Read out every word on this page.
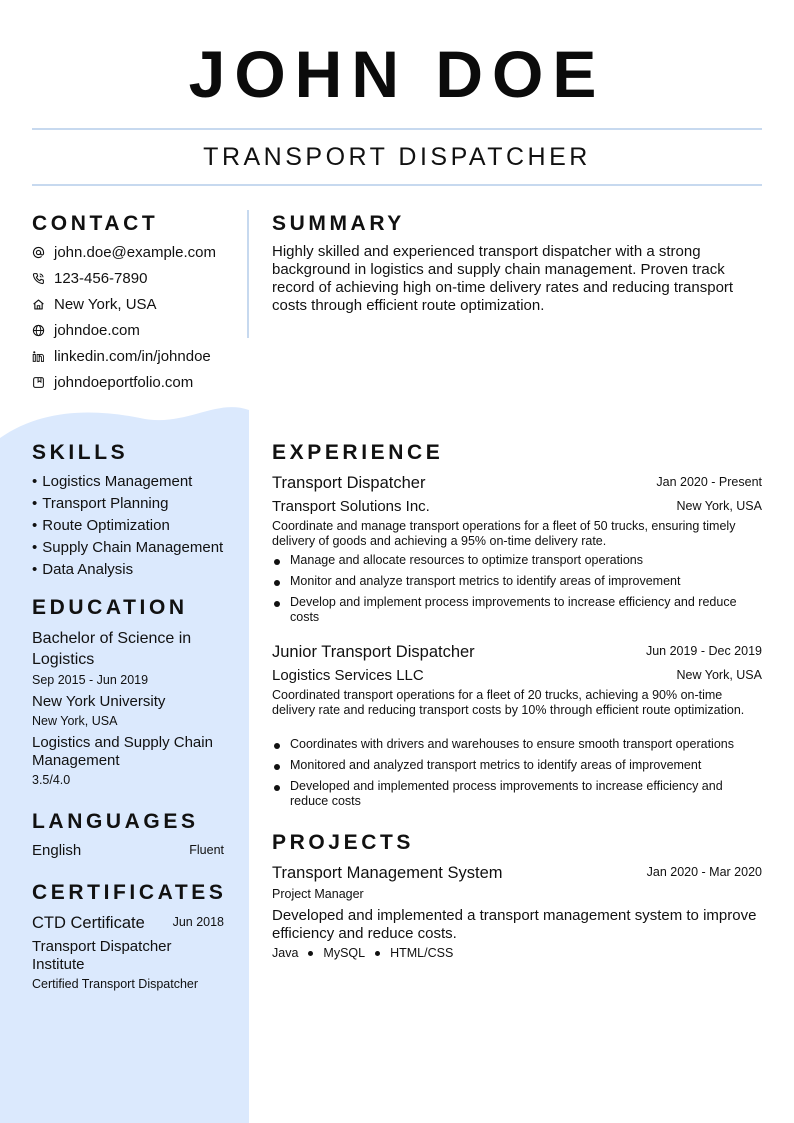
JOHN DOE
TRANSPORT DISPATCHER
CONTACT
john.doe@example.com
123-456-7890
New York, USA
johndoe.com
linkedin.com/in/johndoe
johndoeportfolio.com
SKILLS
• Logistics Management
• Transport Planning
• Route Optimization
• Supply Chain Management
• Data Analysis
EDUCATION
Bachelor of Science in Logistics
Sep 2015 - Jun 2019
New York University
New York, USA
Logistics and Supply Chain Management
3.5/4.0
LANGUAGES
English	Fluent
CERTIFICATES
CTD Certificate	Jun 2018
Transport Dispatcher Institute
Certified Transport Dispatcher
SUMMARY
Highly skilled and experienced transport dispatcher with a strong background in logistics and supply chain management. Proven track record of achieving high on-time delivery rates and reducing transport costs through efficient route optimization.
EXPERIENCE
Transport Dispatcher	Jan 2020 - Present
Transport Solutions Inc.	New York, USA
Coordinate and manage transport operations for a fleet of 50 trucks, ensuring timely delivery of goods and achieving a 95% on-time delivery rate.
Manage and allocate resources to optimize transport operations
Monitor and analyze transport metrics to identify areas of improvement
Develop and implement process improvements to increase efficiency and reduce costs
Junior Transport Dispatcher	Jun 2019 - Dec 2019
Logistics Services LLC	New York, USA
Coordinated transport operations for a fleet of 20 trucks, achieving a 90% on-time delivery rate and reducing transport costs by 10% through efficient route optimization.
Coordinates with drivers and warehouses to ensure smooth transport operations
Monitored and analyzed transport metrics to identify areas of improvement
Developed and implemented process improvements to increase efficiency and reduce costs
PROJECTS
Transport Management System	Jan 2020 - Mar 2020
Project Manager
Developed and implemented a transport management system to improve efficiency and reduce costs.
Java MySQL HTML/CSS
